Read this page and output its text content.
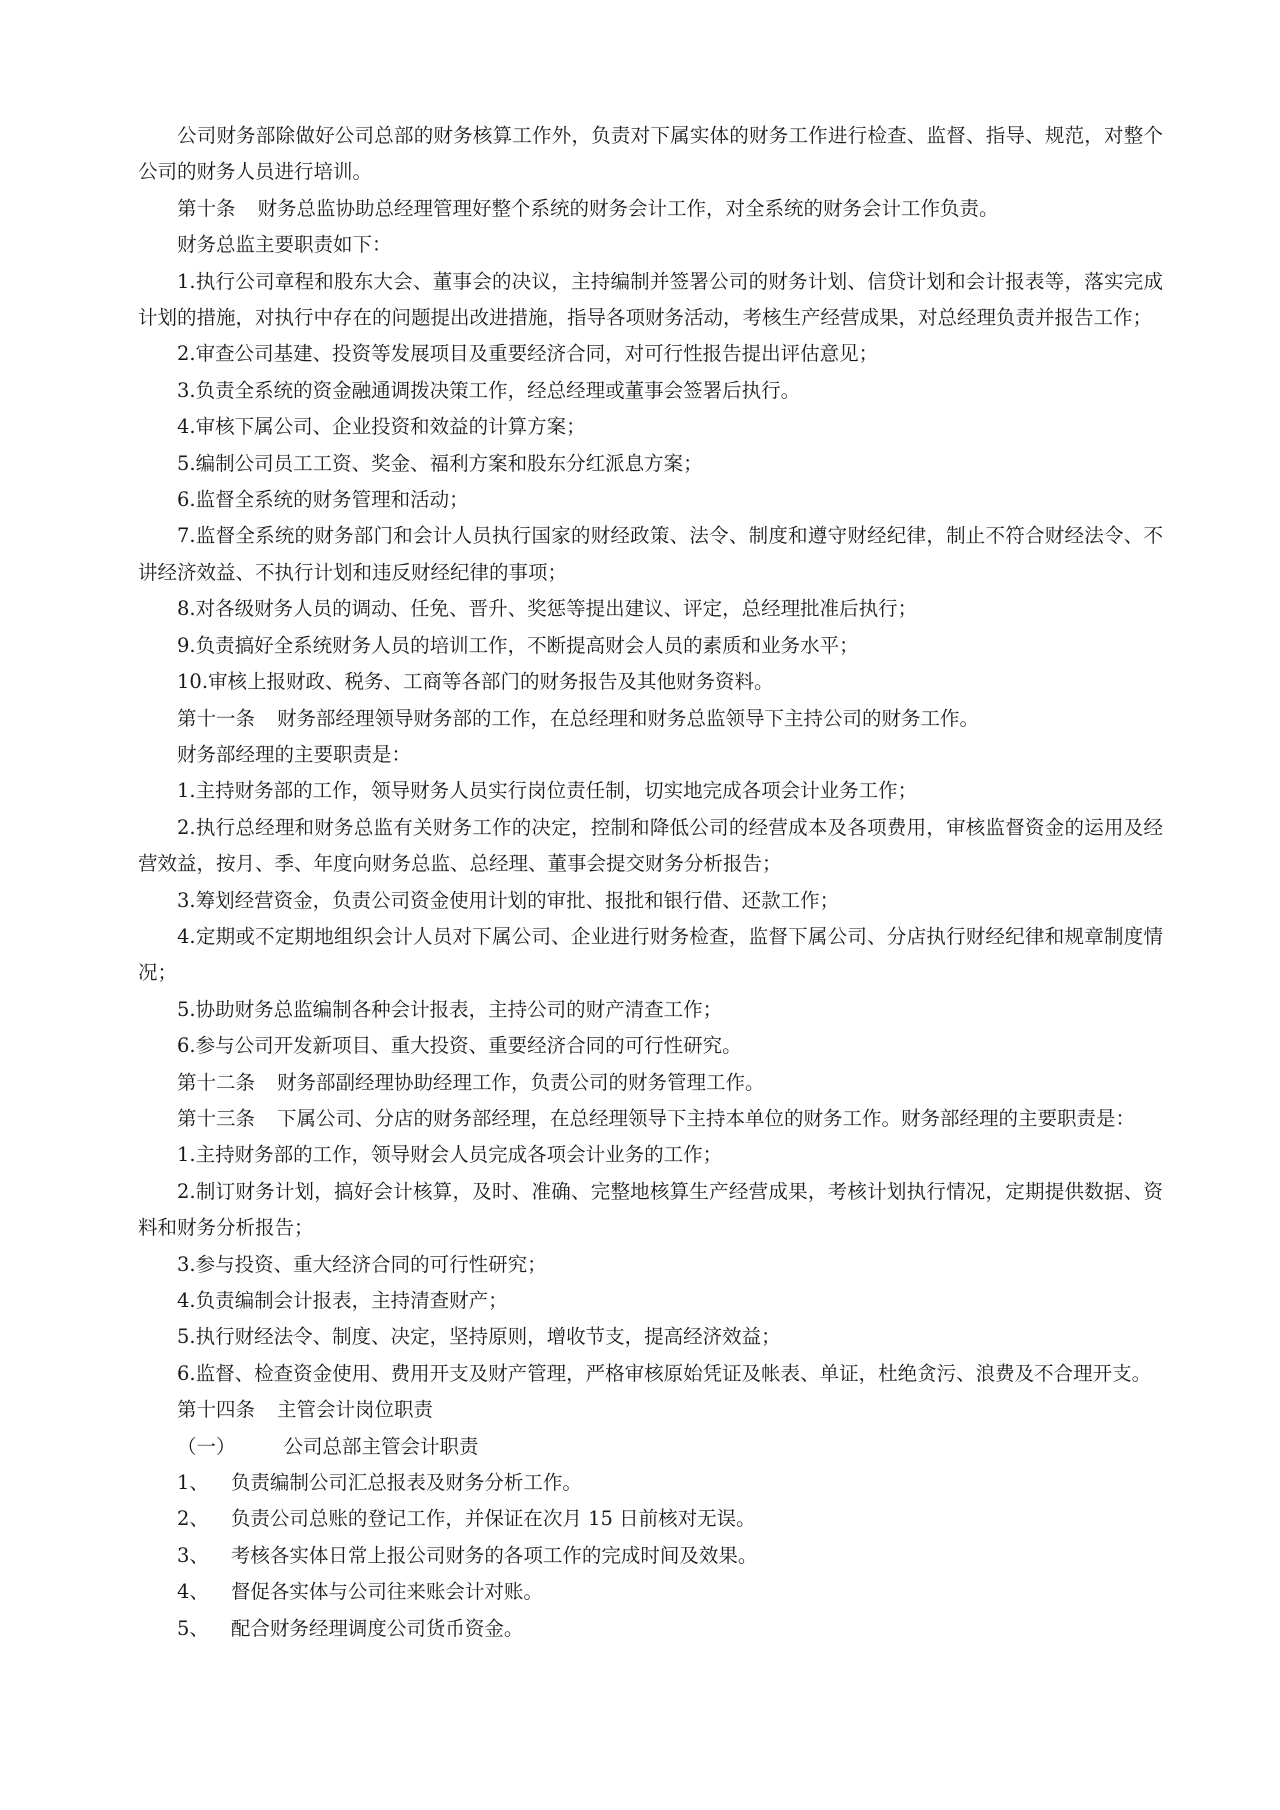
公司财务部除做好公司总部的财务核算工作外，负责对下属实体的财务工作进行检查、监督、指导、规范，对整个公司的财务人员进行培训。

第十条 财务总监协助总经理管理好整个系统的财务会计工作，对全系统的财务会计工作负责。

财务总监主要职责如下：

1.执行公司章程和股东大会、董事会的决议，主持编制并签署公司的财务计划、信贷计划和会计报表等，落实完成计划的措施，对执行中存在的问题提出改进措施，指导各项财务活动，考核生产经营成果，对总经理负责并报告工作；

2.审查公司基建、投资等发展项目及重要经济合同，对可行性报告提出评估意见；

3.负责全系统的资金融通调拨决策工作，经总经理或董事会签署后执行。

4.审核下属公司、企业投资和效益的计算方案；

5.编制公司员工工资、奖金、福利方案和股东分红派息方案；

6.监督全系统的财务管理和活动；

7.监督全系统的财务部门和会计人员执行国家的财经政策、法令、制度和遵守财经纪律，制止不符合财经法令、不讲经济效益、不执行计划和违反财经纪律的事项；

8.对各级财务人员的调动、任免、晋升、奖惩等提出建议、评定，总经理批准后执行；

9.负责搞好全系统财务人员的培训工作，不断提高财会人员的素质和业务水平；

10.审核上报财政、税务、工商等各部门的财务报告及其他财务资料。

第十一条 财务部经理领导财务部的工作，在总经理和财务总监领导下主持公司的财务工作。

财务部经理的主要职责是：

1.主持财务部的工作，领导财务人员实行岗位责任制，切实地完成各项会计业务工作；

2.执行总经理和财务总监有关财务工作的决定，控制和降低公司的经营成本及各项费用，审核监督资金的运用及经营效益，按月、季、年度向财务总监、总经理、董事会提交财务分析报告；

3.筹划经营资金，负责公司资金使用计划的审批、报批和银行借、还款工作；

4.定期或不定期地组织会计人员对下属公司、企业进行财务检查，监督下属公司、分店执行财经纪律和规章制度情况；

5.协助财务总监编制各种会计报表，主持公司的财产清查工作；

6.参与公司开发新项目、重大投资、重要经济合同的可行性研究。

第十二条 财务部副经理协助经理工作，负责公司的财务管理工作。

第十三条 下属公司、分店的财务部经理，在总经理领导下主持本单位的财务工作。财务部经理的主要职责是：

1.主持财务部的工作，领导财会人员完成各项会计业务的工作；

2.制订财务计划，搞好会计核算，及时、准确、完整地核算生产经营成果，考核计划执行情况，定期提供数据、资料和财务分析报告；

3.参与投资、重大经济合同的可行性研究；

4.负责编制会计报表，主持清查财产；

5.执行财经法令、制度、决定，坚持原则，增收节支，提高经济效益；

6.监督、检查资金使用、费用开支及财产管理，严格审核原始凭证及帐表、单证，杜绝贪污、浪费及不合理开支。

第十四条 主管会计岗位职责

（一） 公司总部主管会计职责

1、 负责编制公司汇总报表及财务分析工作。

2、 负责公司总账的登记工作，并保证在次月 15 日前核对无误。

3、 考核各实体日常上报公司财务的各项工作的完成时间及效果。

4、 督促各实体与公司往来账会计对账。

5、 配合财务经理调度公司货币资金。
